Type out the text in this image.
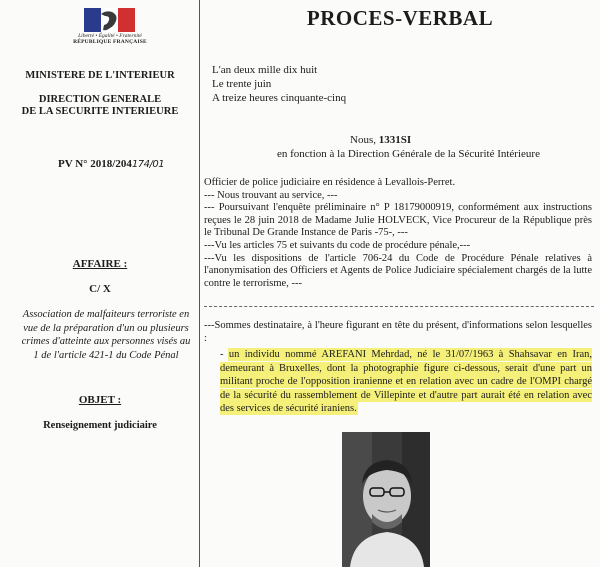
Liberté • Égalité • Fraternité
RÉPUBLIQUE FRANÇAISE
MINISTERE DE L'INTERIEUR
DIRECTION GENERALE
DE LA SECURITE INTERIEURE
PV N° 2018/204174/01
AFFAIRE :
C/ X
Association de malfaiteurs terroriste en vue de la préparation d'un ou plusieurs crimes d'atteinte aux personnes visés au 1 de l'article 421-1 du Code Pénal
OBJET :
Renseignement judiciaire
PROCES-VERBAL
L'an deux mille dix huit
Le trente juin
A treize heures cinquante-cinq
Nous, 1331SI
en fonction à la Direction Générale de la Sécurité Intérieure

Officier de police judiciaire en résidence à Levallois-Perret.

--- Nous trouvant au service, ---

--- Poursuivant l'enquête préliminaire n° P 18179000919, conformément aux instructions reçues le 28 juin 2018 de Madame Julie HOLVECK, Vice Procureur de la République près le Tribunal De Grande Instance de Paris -75-, ---

---Vu les articles 75 et suivants du code de procédure pénale,---

---Vu les dispositions de l'article 706-24 du Code de Procédure Pénale relatives à l'anonymisation des Officiers et Agents de Police Judiciaire spécialement chargés de la lutte contre le terrorisme, ---

---Sommes destinataire, à l'heure figurant en tête du présent, d'informations selon lesquelles :

- un individu nommé AREFANI Mehrdad, né le 31/07/1963 à Shahsavar en Iran, demeurant à Bruxelles, dont la photographie figure ci-dessous, serait d'une part un militant proche de l'opposition iranienne et en relation avec un cadre de l'OMPI chargé de la sécurité du rassemblement de Villepinte et d'autre part aurait été en relation avec des services de sécurité iraniens.
